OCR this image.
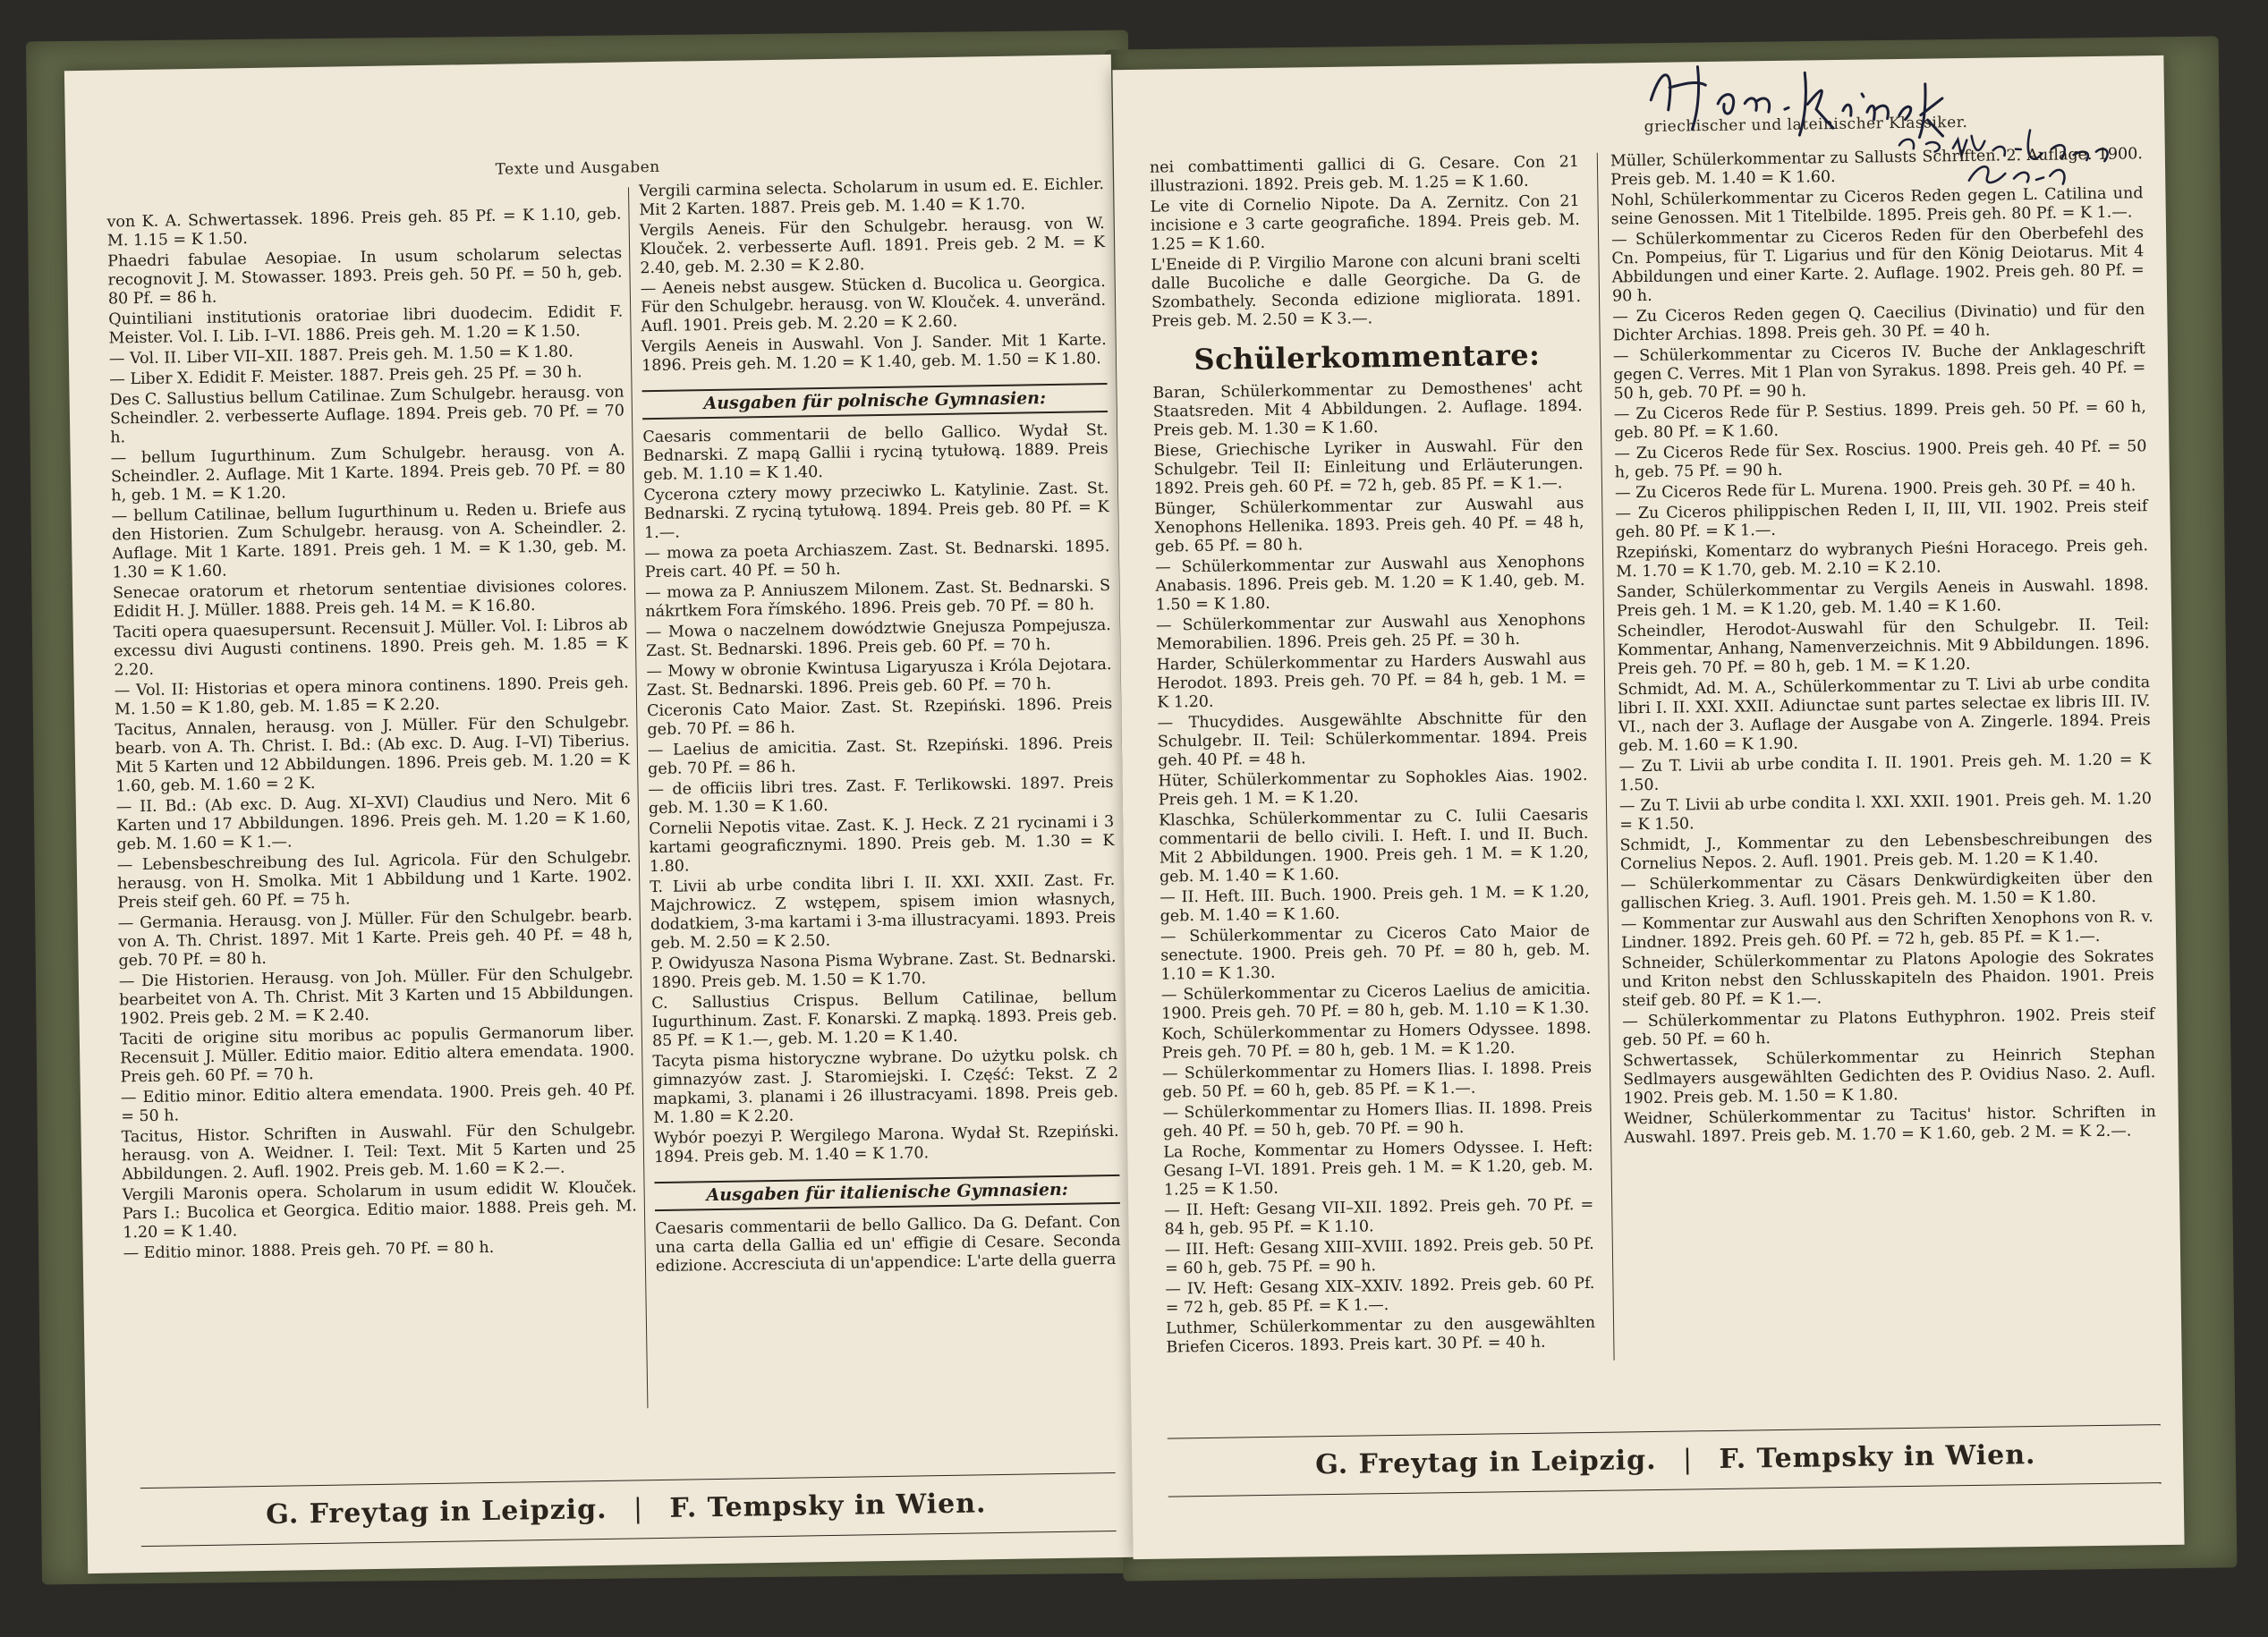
Texte und Ausgaben
von K. A. Schwertassek. 1896. Preis geh. 85 Pf. = K 1.10, geb. M. 1.15 = K 1.50.
Phaedri fabulae Aesopiae. In usum scholarum selectas recognovit J. M. Stowasser. 1893. Preis geh. 50 Pf. = 50 h, geb. 80 Pf. = 86 h.
Quintiliani institutionis oratoriae libri duodecim. Edidit F. Meister. Vol. I. Lib. I–VI. 1886. Preis geh. M. 1.20 = K 1.50.
— Vol. II. Liber VII–XII. 1887. Preis geh. M. 1.50 = K 1.80.
— Liber X. Edidit F. Meister. 1887. Preis geh. 25 Pf. = 30 h.
Des C. Sallustius bellum Catilinae. Zum Schulgebr. herausg. von Scheindler. 2. verbesserte Auflage. 1894. Preis geb. 70 Pf. = 70 h.
— bellum Iugurthinum. Zum Schulgebr. herausg. von A. Scheindler. 2. Auflage. Mit 1 Karte. 1894. Preis geb. 70 Pf. = 80 h, geb. 1 M. = K 1.20.
— bellum Catilinae, bellum Iugurthinum u. Reden u. Briefe aus den Historien. Zum Schulgebr. herausg. von A. Scheindler. 2. Auflage. Mit 1 Karte. 1891. Preis geh. 1 M. = K 1.30, geb. M. 1.30 = K 1.60.
Senecae oratorum et rhetorum sententiae divisiones colores. Edidit H. J. Müller. 1888. Preis geh. 14 M. = K 16.80.
Taciti opera quaesupersunt. Recensuit J. Müller. Vol. I: Libros ab excessu divi Augusti continens. 1890. Preis geh. M. 1.85 = K 2.20.
— Vol. II: Historias et opera minora continens. 1890. Preis geh. M. 1.50 = K 1.80, geb. M. 1.85 = K 2.20.
Tacitus, Annalen, herausg. von J. Müller. Für den Schulgebr. bearb. von A. Th. Christ. I. Bd.: (Ab exc. D. Aug. I–VI) Tiberius. Mit 5 Karten und 12 Abbildungen. 1896. Preis geb. M. 1.20 = K 1.60, geb. M. 1.60 = 2 K.
— II. Bd.: (Ab exc. D. Aug. XI–XVI) Claudius und Nero. Mit 6 Karten und 17 Abbildungen. 1896. Preis geh. M. 1.20 = K 1.60, geb. M. 1.60 = K 1.—.
— Lebensbeschreibung des Iul. Agricola. Für den Schulgebr. herausg. von H. Smolka. Mit 1 Abbildung und 1 Karte. 1902. Preis steif geh. 60 Pf. = 75 h.
— Germania. Herausg. von J. Müller. Für den Schulgebr. bearb. von A. Th. Christ. 1897. Mit 1 Karte. Preis geh. 40 Pf. = 48 h, geb. 70 Pf. = 80 h.
— Die Historien. Herausg. von Joh. Müller. Für den Schulgebr. bearbeitet von A. Th. Christ. Mit 3 Karten und 15 Abbildungen. 1902. Preis geb. 2 M. = K 2.40.
Taciti de origine situ moribus ac populis Germanorum liber. Recensuit J. Müller. Editio maior. Editio altera emendata. 1900. Preis geh. 60 Pf. = 70 h.
— Editio minor. Editio altera emendata. 1900. Preis geh. 40 Pf. = 50 h.
Tacitus, Histor. Schriften in Auswahl. Für den Schulgebr. herausg. von A. Weidner. I. Teil: Text. Mit 5 Karten und 25 Abbildungen. 2. Aufl. 1902. Preis geb. M. 1.60 = K 2.—.
Vergili Maronis opera. Scholarum in usum edidit W. Klouček. Pars I.: Bucolica et Georgica. Editio maior. 1888. Preis geh. M. 1.20 = K 1.40.
— Editio minor. 1888. Preis geh. 70 Pf. = 80 h.
Vergili carmina selecta. Scholarum in usum ed. E. Eichler. Mit 2 Karten. 1887. Preis geb. M. 1.40 = K 1.70.
Vergils Aeneis. Für den Schulgebr. herausg. von W. Klouček. 2. verbesserte Aufl. 1891. Preis geb. 2 M. = K 2.40, geb. M. 2.30 = K 2.80.
— Aeneis nebst ausgew. Stücken d. Bucolica u. Georgica. Für den Schulgebr. herausg. von W. Klouček. 4. unveränd. Aufl. 1901. Preis geb. M. 2.20 = K 2.60.
Vergils Aeneis in Auswahl. Von J. Sander. Mit 1 Karte. 1896. Preis geh. M. 1.20 = K 1.40, geb. M. 1.50 = K 1.80.
Ausgaben für polnische Gymnasien:
Caesaris commentarii de bello Gallico. Wydał St. Bednarski. Z mapą Gallii i ryciną tytułową. 1889. Preis geb. M. 1.10 = K 1.40.
Cycerona cztery mowy przeciwko L. Katylinie. Zast. St. Bednarski. Z ryciną tytułową. 1894. Preis geb. 80 Pf. = K 1.—.
— mowa za poeta Archiaszem. Zast. St. Bednarski. 1895. Preis cart. 40 Pf. = 50 h.
— mowa za P. Anniuszem Milonem. Zast. St. Bednarski. S nákrtkem Fora římského. 1896. Preis geb. 70 Pf. = 80 h.
— Mowa o naczelnem dowództwie Gnejusza Pompejusza. Zast. St. Bednarski. 1896. Preis geb. 60 Pf. = 70 h.
— Mowy w obronie Kwintusa Ligaryusza i Króla Dejotara. Zast. St. Bednarski. 1896. Preis geb. 60 Pf. = 70 h.
Ciceronis Cato Maior. Zast. St. Rzepiński. 1896. Preis geb. 70 Pf. = 86 h.
— Laelius de amicitia. Zast. St. Rzepiński. 1896. Preis geb. 70 Pf. = 86 h.
— de officiis libri tres. Zast. F. Terlikowski. 1897. Preis geb. M. 1.30 = K 1.60.
Cornelii Nepotis vitae. Zast. K. J. Heck. Z 21 rycinami i 3 kartami geograficznymi. 1890. Preis geb. M. 1.30 = K 1.80.
T. Livii ab urbe condita libri I. II. XXI. XXII. Zast. Fr. Majchrowicz. Z wstępem, spisem imion własnych, dodatkiem, 3-ma kartami i 3-ma illustracyami. 1893. Preis geb. M. 2.50 = K 2.50.
P. Owidyusza Nasona Pisma Wybrane. Zast. St. Bednarski. 1890. Preis geb. M. 1.50 = K 1.70.
C. Sallustius Crispus. Bellum Catilinae, bellum Iugurthinum. Zast. F. Konarski. Z mapką. 1893. Preis geb. 85 Pf. = K 1.—, geb. M. 1.20 = K 1.40.
Tacyta pisma historyczne wybrane. Do użytku polsk. ch gimnazyów zast. J. Staromiejski. I. Część: Tekst. Z 2 mapkami, 3. planami i 26 illustracyami. 1898. Preis geb. M. 1.80 = K 2.20.
Wybór poezyi P. Wergilego Marona. Wydał St. Rzepiński. 1894. Preis geb. M. 1.40 = K 1.70.
Ausgaben für italienische Gymnasien:
Caesaris commentarii de bello Gallico. Da G. Defant. Con una carta della Gallia ed un' effigie di Cesare. Seconda edizione. Accresciuta di un'appendice: L'arte della guerra
G. Freytag in Leipzig. | F. Tempsky in Wien.
griechischer und lateinischer Klassiker.
nei combattimenti gallici di G. Cesare. Con 21 illustrazioni. 1892. Preis geb. M. 1.25 = K 1.60.
Le vite di Cornelio Nipote. Da A. Zernitz. Con 21 incisione e 3 carte geografiche. 1894. Preis geb. M. 1.25 = K 1.60.
L'Eneide di P. Virgilio Marone con alcuni brani scelti dalle Bucoliche e dalle Georgiche. Da G. de Szombathely. Seconda edizione migliorata. 1891. Preis geb. M. 2.50 = K 3.—.
Schülerkommentare:
Baran, Schülerkommentar zu Demosthenes' acht Staatsreden. Mit 4 Abbildungen. 2. Auflage. 1894. Preis geb. M. 1.30 = K 1.60.
Biese, Griechische Lyriker in Auswahl. Für den Schulgebr. Teil II: Einleitung und Erläuterungen. 1892. Preis geh. 60 Pf. = 72 h, geb. 85 Pf. = K 1.—.
Bünger, Schülerkommentar zur Auswahl aus Xenophons Hellenika. 1893. Preis geh. 40 Pf. = 48 h, geb. 65 Pf. = 80 h.
— Schülerkommentar zur Auswahl aus Xenophons Anabasis. 1896. Preis geb. M. 1.20 = K 1.40, geb. M. 1.50 = K 1.80.
— Schülerkommentar zur Auswahl aus Xenophons Memorabilien. 1896. Preis geh. 25 Pf. = 30 h.
Harder, Schülerkommentar zu Harders Auswahl aus Herodot. 1893. Preis geh. 70 Pf. = 84 h, geb. 1 M. = K 1.20.
— Thucydides. Ausgewählte Abschnitte für den Schulgebr. II. Teil: Schülerkommentar. 1894. Preis geh. 40 Pf. = 48 h.
Hüter, Schülerkommentar zu Sophokles Aias. 1902. Preis geh. 1 M. = K 1.20.
Klaschka, Schülerkommentar zu C. Iulii Caesaris commentarii de bello civili. I. Heft. I. und II. Buch. Mit 2 Abbildungen. 1900. Preis geh. 1 M. = K 1.20, geb. M. 1.40 = K 1.60.
— II. Heft. III. Buch. 1900. Preis geh. 1 M. = K 1.20, geb. M. 1.40 = K 1.60.
— Schülerkommentar zu Ciceros Cato Maior de senectute. 1900. Preis geh. 70 Pf. = 80 h, geb. M. 1.10 = K 1.30.
— Schülerkommentar zu Ciceros Laelius de amicitia. 1900. Preis geh. 70 Pf. = 80 h, geb. M. 1.10 = K 1.30.
Koch, Schülerkommentar zu Homers Odyssee. 1898. Preis geh. 70 Pf. = 80 h, geb. 1 M. = K 1.20.
— Schülerkommentar zu Homers Ilias. I. 1898. Preis geb. 50 Pf. = 60 h, geb. 85 Pf. = K 1.—.
— Schülerkommentar zu Homers Ilias. II. 1898. Preis geh. 40 Pf. = 50 h, geb. 70 Pf. = 90 h.
La Roche, Kommentar zu Homers Odyssee. I. Heft: Gesang I–VI. 1891. Preis geh. 1 M. = K 1.20, geb. M. 1.25 = K 1.50.
— II. Heft: Gesang VII–XII. 1892. Preis geh. 70 Pf. = 84 h, geb. 95 Pf. = K 1.10.
— III. Heft: Gesang XIII–XVIII. 1892. Preis geb. 50 Pf. = 60 h, geb. 75 Pf. = 90 h.
— IV. Heft: Gesang XIX–XXIV. 1892. Preis geb. 60 Pf. = 72 h, geb. 85 Pf. = K 1.—.
Luthmer, Schülerkommentar zu den ausgewählten Briefen Ciceros. 1893. Preis kart. 30 Pf. = 40 h.
Müller, Schülerkommentar zu Sallusts Schriften. 2. Auflage. 1900. Preis geb. M. 1.40 = K 1.60.
Nohl, Schülerkommentar zu Ciceros Reden gegen L. Catilina und seine Genossen. Mit 1 Titelbilde. 1895. Preis geh. 80 Pf. = K 1.—.
— Schülerkommentar zu Ciceros Reden für den Oberbefehl des Cn. Pompeius, für T. Ligarius und für den König Deiotarus. Mit 4 Abbildungen und einer Karte. 2. Auflage. 1902. Preis geh. 80 Pf. = 90 h.
— Zu Ciceros Reden gegen Q. Caecilius (Divinatio) und für den Dichter Archias. 1898. Preis geh. 30 Pf. = 40 h.
— Schülerkommentar zu Ciceros IV. Buche der Anklageschrift gegen C. Verres. Mit 1 Plan von Syrakus. 1898. Preis geh. 40 Pf. = 50 h, geb. 70 Pf. = 90 h.
— Zu Ciceros Rede für P. Sestius. 1899. Preis geh. 50 Pf. = 60 h, geb. 80 Pf. = K 1.60.
— Zu Ciceros Rede für Sex. Roscius. 1900. Preis geh. 40 Pf. = 50 h, geb. 75 Pf. = 90 h.
— Zu Ciceros Rede für L. Murena. 1900. Preis geh. 30 Pf. = 40 h.
— Zu Ciceros philippischen Reden I, II, III, VII. 1902. Preis steif geh. 80 Pf. = K 1.—.
Rzepiński, Komentarz do wybranych Pieśni Horacego. Preis geh. M. 1.70 = K 1.70, geb. M. 2.10 = K 2.10.
Sander, Schülerkommentar zu Vergils Aeneis in Auswahl. 1898. Preis geh. 1 M. = K 1.20, geb. M. 1.40 = K 1.60.
Scheindler, Herodot-Auswahl für den Schulgebr. II. Teil: Kommentar, Anhang, Namenverzeichnis. Mit 9 Abbildungen. 1896. Preis geh. 70 Pf. = 80 h, geb. 1 M. = K 1.20.
Schmidt, Ad. M. A., Schülerkommentar zu T. Livi ab urbe condita libri I. II. XXI. XXII. Adiunctae sunt partes selectae ex libris III. IV. VI., nach der 3. Auflage der Ausgabe von A. Zingerle. 1894. Preis geb. M. 1.60 = K 1.90.
— Zu T. Livii ab urbe condita I. II. 1901. Preis geh. M. 1.20 = K 1.50.
— Zu T. Livii ab urbe condita l. XXI. XXII. 1901. Preis geh. M. 1.20 = K 1.50.
Schmidt, J., Kommentar zu den Lebensbeschreibungen des Cornelius Nepos. 2. Aufl. 1901. Preis geb. M. 1.20 = K 1.40.
— Schülerkommentar zu Cäsars Denkwürdigkeiten über den gallischen Krieg. 3. Aufl. 1901. Preis geh. M. 1.50 = K 1.80.
— Kommentar zur Auswahl aus den Schriften Xenophons von R. v. Lindner. 1892. Preis geh. 60 Pf. = 72 h, geb. 85 Pf. = K 1.—.
Schneider, Schülerkommentar zu Platons Apologie des Sokrates und Kriton nebst den Schlusskapiteln des Phaidon. 1901. Preis steif geb. 80 Pf. = K 1.—.
— Schülerkommentar zu Platons Euthyphron. 1902. Preis steif geb. 50 Pf. = 60 h.
Schwertassek, Schülerkommentar zu Heinrich Stephan Sedlmayers ausgewählten Gedichten des P. Ovidius Naso. 2. Aufl. 1902. Preis geb. M. 1.50 = K 1.80.
Weidner, Schülerkommentar zu Tacitus' histor. Schriften in Auswahl. 1897. Preis geb. M. 1.70 = K 1.60, geb. 2 M. = K 2.—.
G. Freytag in Leipzig. | F. Tempsky in Wien.
